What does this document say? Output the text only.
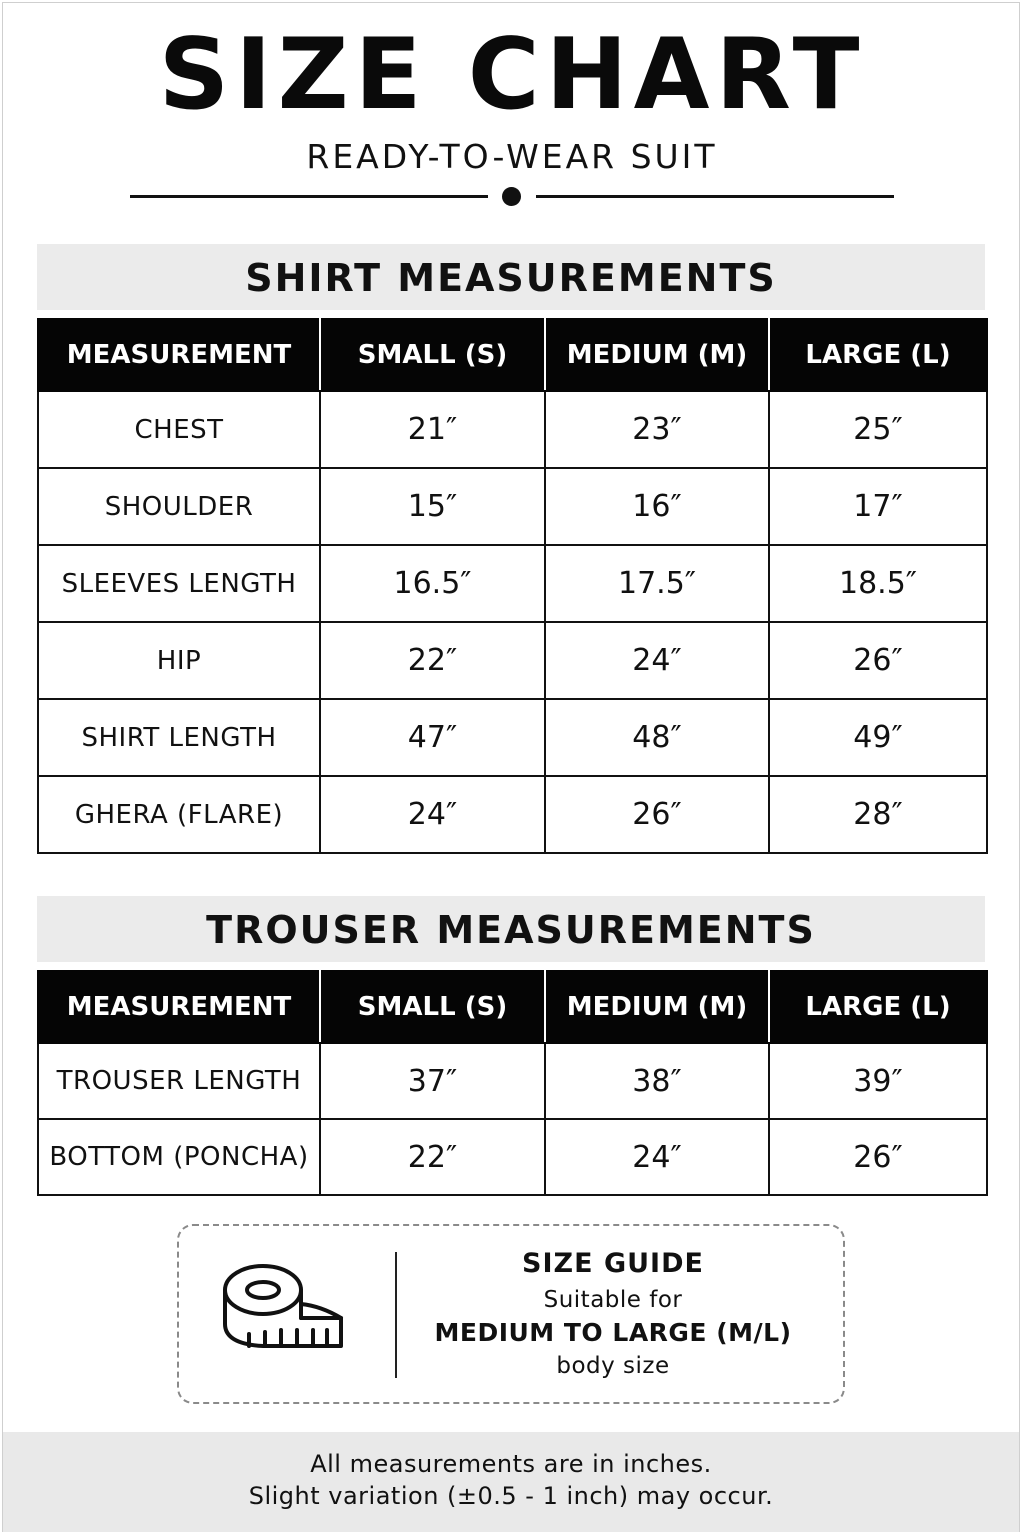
SIZE CHART
READY-TO-WEAR SUIT
SHIRT MEASUREMENTS
MEASUREMENT	SMALL (S)	MEDIUM (M)	LARGE (L)
CHEST	21″	23″	25″
SHOULDER	15″	16″	17″
SLEEVES LENGTH	16.5″	17.5″	18.5″
HIP	22″	24″	26″
SHIRT LENGTH	47″	48″	49″
GHERA (FLARE)	24″	26″	28″
TROUSER MEASUREMENTS
MEASUREMENT	SMALL (S)	MEDIUM (M)	LARGE (L)
TROUSER LENGTH	37″	38″	39″
BOTTOM (PONCHA)	22″	24″	26″
SIZE GUIDE
Suitable for
MEDIUM TO LARGE (M/L)
body size
All measurements are in inches.
Slight variation (±0.5 - 1 inch) may occur.
